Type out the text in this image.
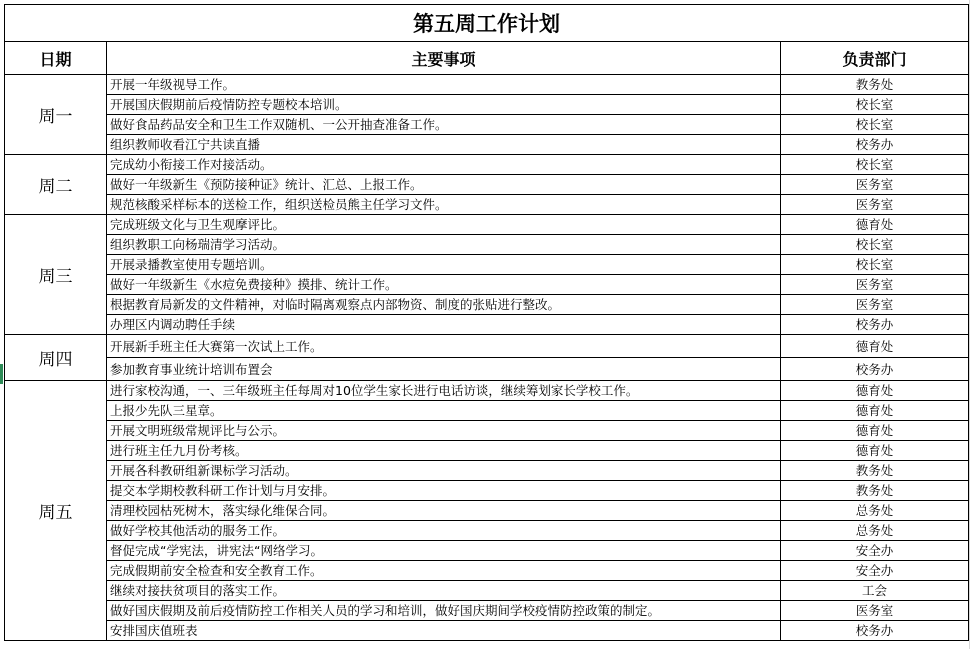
第五周工作计划		
日期	主要事项	负责部门
周一	开展一年级视导工作。	教务处
	开展国庆假期前后疫情防控专题校本培训。	校长室
	做好食品药品安全和卫生工作双随机、一公开抽查准备工作。	校长室
	组织教师收看江宁共读直播	校务办
周二	完成幼小衔接工作对接活动。	校长室
	做好一年级新生《预防接种证》统计、汇总、上报工作。	医务室
	规范核酸采样标本的送检工作，组织送检员熊主任学习文件。	医务室
周三	完成班级文化与卫生观摩评比。	德育处
	组织教职工向杨瑞清学习活动。	校长室
	开展录播教室使用专题培训。	校长室
	做好一年级新生《水痘免费接种》摸排、统计工作。	医务室
	根据教育局新发的文件精神，对临时隔离观察点内部物资、制度的张贴进行整改。	医务室
	办理区内调动聘任手续	校务办
周四	开展新手班主任大赛第一次试上工作。	德育处
	参加教育事业统计培训布置会	校务办
周五	进行家校沟通，一、三年级班主任每周对10位学生家长进行电话访谈，继续筹划家长学校工作。	德育处
	上报少先队三星章。	德育处
	开展文明班级常规评比与公示。	德育处
	进行班主任九月份考核。	德育处
	开展各科教研组新课标学习活动。	教务处
	提交本学期校教科研工作计划与月安排。	教务处
	清理校园枯死树木，落实绿化维保合同。	总务处
	做好学校其他活动的服务工作。	总务处
	督促完成“学宪法，讲宪法“网络学习。	安全办
	完成假期前安全检查和安全教育工作。	安全办
	继续对接扶贫项目的落实工作。	工会
	做好国庆假期及前后疫情防控工作相关人员的学习和培训，做好国庆期间学校疫情防控政策的制定。	医务室
	安排国庆值班表	校务办
